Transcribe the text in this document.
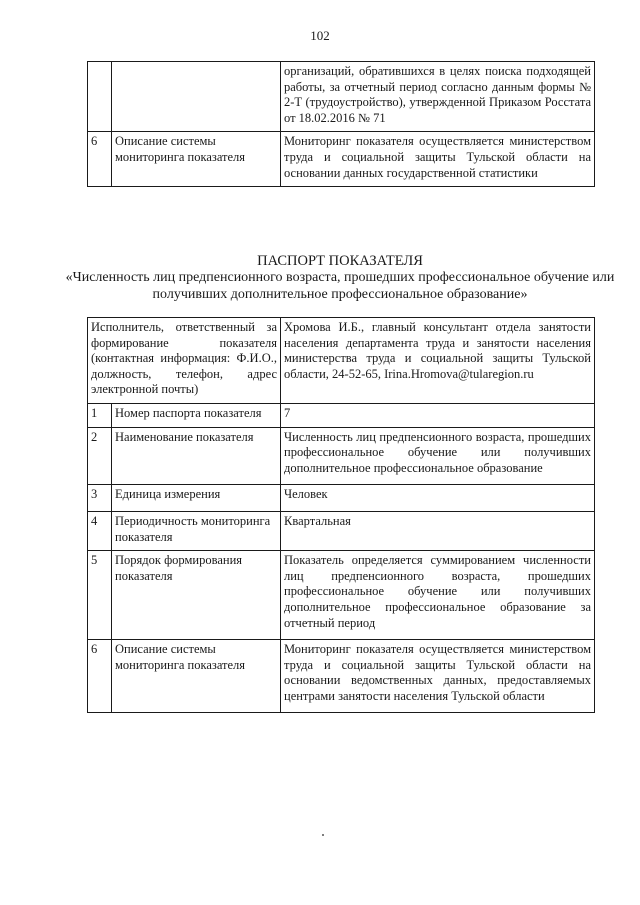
102
		организаций, обратившихся в целях поиска подходящей работы, за отчетный период согласно данным формы № 2-Т (трудоустройство), утвержденной Приказом Росстата от 18.02.2016 № 71
6	Описание системы мониторинга показателя	Мониторинг показателя осуществляется министерством труда и социальной защиты Тульской области на основании данных государственной статистики
ПАСПОРТ ПОКАЗАТЕЛЯ
«Численность лиц предпенсионного возраста, прошедших профессиональное обучение или получивших дополнительное профессиональное образование»
Исполнитель, ответственный за формирование показателя (контактная информация: Ф.И.О., должность, телефон, адрес электронной почты)		Хромова И.Б., главный консультант отдела занятости населения департамента труда и занятости населения министерства труда и социальной защиты Тульской области, 24-52-65, Irina.Hromova@tularegion.ru
1	Номер паспорта показателя	7
2	Наименование показателя	Численность лиц предпенсионного возраста, прошедших профессиональное обучение или получивших дополнительное профессиональное образование
3	Единица измерения	Человек
4	Периодичность мониторинга показателя	Квартальная
5	Порядок формирования показателя	Показатель определяется суммированием численности лиц предпенсионного возраста, прошедших профессиональное обучение или получивших дополнительное профессиональное образование за отчетный период
6	Описание системы мониторинга показателя	Мониторинг показателя осуществляется министерством труда и социальной защиты Тульской области на основании ведомственных данных, предоставляемых центрами занятости населения Тульской области
